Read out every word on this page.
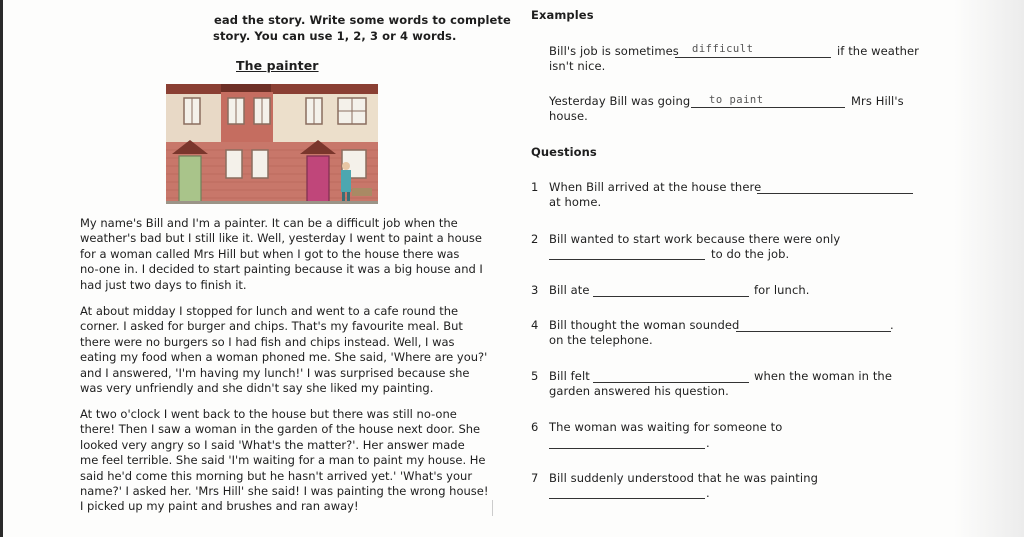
ead the story. Write some words to complete
story. You can use 1, 2, 3 or 4 words.
The painter
My name's Bill and I'm a painter. It can be a difficult job when the
weather's bad but I still like it. Well, yesterday I went to paint a house
for a woman called Mrs Hill but when I got to the house there was
no-one in. I decided to start painting because it was a big house and I
had just two days to finish it.
At about midday I stopped for lunch and went to a cafe round the
corner. I asked for burger and chips. That's my favourite meal. But
there were no burgers so I had fish and chips instead. Well, I was
eating my food when a woman phoned me. She said, 'Where are you?'
and I answered, 'I'm having my lunch!' I was surprised because she
was very unfriendly and she didn't say she liked my painting.
At two o'clock I went back to the house but there was still no-one
there! Then I saw a woman in the garden of the house next door. She
looked very angry so I said 'What's the matter?'. Her answer made
me feel terrible. She said 'I'm waiting for a man to paint my house. He
said he'd come this morning but he hasn't arrived yet.' 'What's your
name?' I asked her. 'Mrs Hill' she said! I was painting the wrong house!
I picked up my paint and brushes and ran away!
Examples
Bill's job is sometimes difficult	if the weather
isn't nice.
Yesterday Bill was going to paint	Mrs Hill's
house.
Questions
1 When Bill arrived at the house there
at home.
2 Bill wanted to start work because there were only
to do the job.
3 Bill ate	for lunch.
4 Bill thought the woman sounded	.
on the telephone.
5 Bill felt	when the woman in the
garden answered his question.
6 The woman was waiting for someone to
.
7 Bill suddenly understood that he was painting
.
